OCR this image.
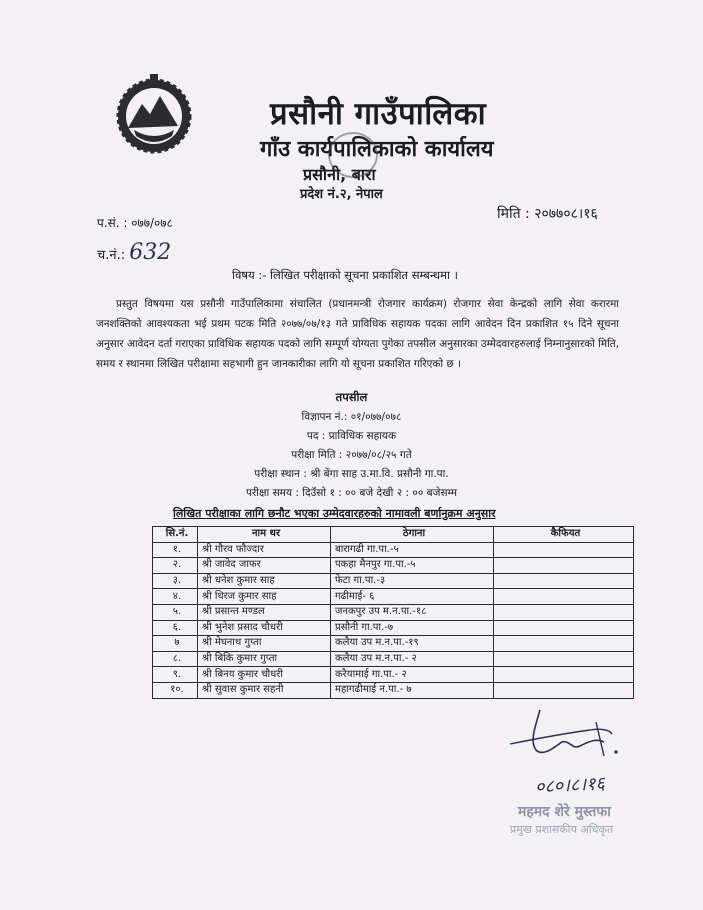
प्रसौनी गाउँपालिका
गाँउ कार्यपालिकाको कार्यालय
प्रसौनी, बारा
प्रदेश नं.२, नेपाल
प.सं. : ०७७/०७८
मिति : २०७७०८।१६
च.नं.: 632
विषय :- लिखित परीक्षाको सूचना प्रकाशित सम्बन्धमा ।

प्रस्तुत विषयमा यस प्रसौनी गाउँपालिकामा संचालित (प्रधानमन्त्री रोजगार कार्यक्रम) रोजगार सेवा केन्द्रको लागि सेवा करारमा जनशक्तिको आवश्यकता भई प्रथम पटक मिति २०७७/०७/१३ गते प्राविधिक सहायक पदका लागि आवेदन दिन प्रकाशित १५ दिने सूचना अनुसार आवेदन दर्ता गराएका प्राविधिक सहायक पदको लागि सम्पूर्ण योग्यता पुगेका तपसील अनुसारका उम्मेदवारहरुलाई निम्नानुसारको मिति, समय र स्थानमा लिखित परीक्षामा सहभागी हुन जानकारीका लागि यो सूचना प्रकाशित गरिएको छ ।

तपसील
विज्ञापन नं.: ०१/०७७/०७८
पद : प्राविधिक सहायक
परीक्षा मिति : २०७७/०८/२५ गते
परीक्षा स्थान : श्री बेंगा साह उ.मा.वि. प्रसौनी गा.पा.
परीक्षा समय : दिउँसो १ : ०० बजे देखी २ : ०० बजेसम्म
लिखित परीक्षाका लागि छनौट भएका उम्मेदवारहरुको नामावली बर्णानुक्रम अनुसार
सि.नं.	नाम थर	ठेगाना	कैफियत
१.	श्री गौरव फौज्दार	बारागढी गा.पा.-५	
२.	श्री जावेद जाफर	पकहा मैनपुर गा.पा.-५	
३.	श्री धनेश कुमार साह	फेटा गा.पा.-३	
४.	श्री धिरज कुमार साह	गढीमाई- ६	
५.	श्री प्रसान्त मण्डल	जनकपुर उप म.न.पा.-१८	
६.	श्री भुनेश प्रसाद चौधरी	प्रसौनी गा.पा.-७	
७	श्री मेघनाथ गुप्ता	कलैया उप म.न.पा.-१९	
८.	श्री बिकि कुमार गुप्ता	कलैया उप म.न.पा.- २	
९.	श्री बिनय कुमार चौधरी	करैयामाई गा.पा.- २	
१०.	श्री सुवास कुमार सहनी	महागढीमाई न.पा.- ७	
०८०।८।१६
महमद शेरे मुस्तफा
प्रमुख प्रशासकीय अधिकृत
